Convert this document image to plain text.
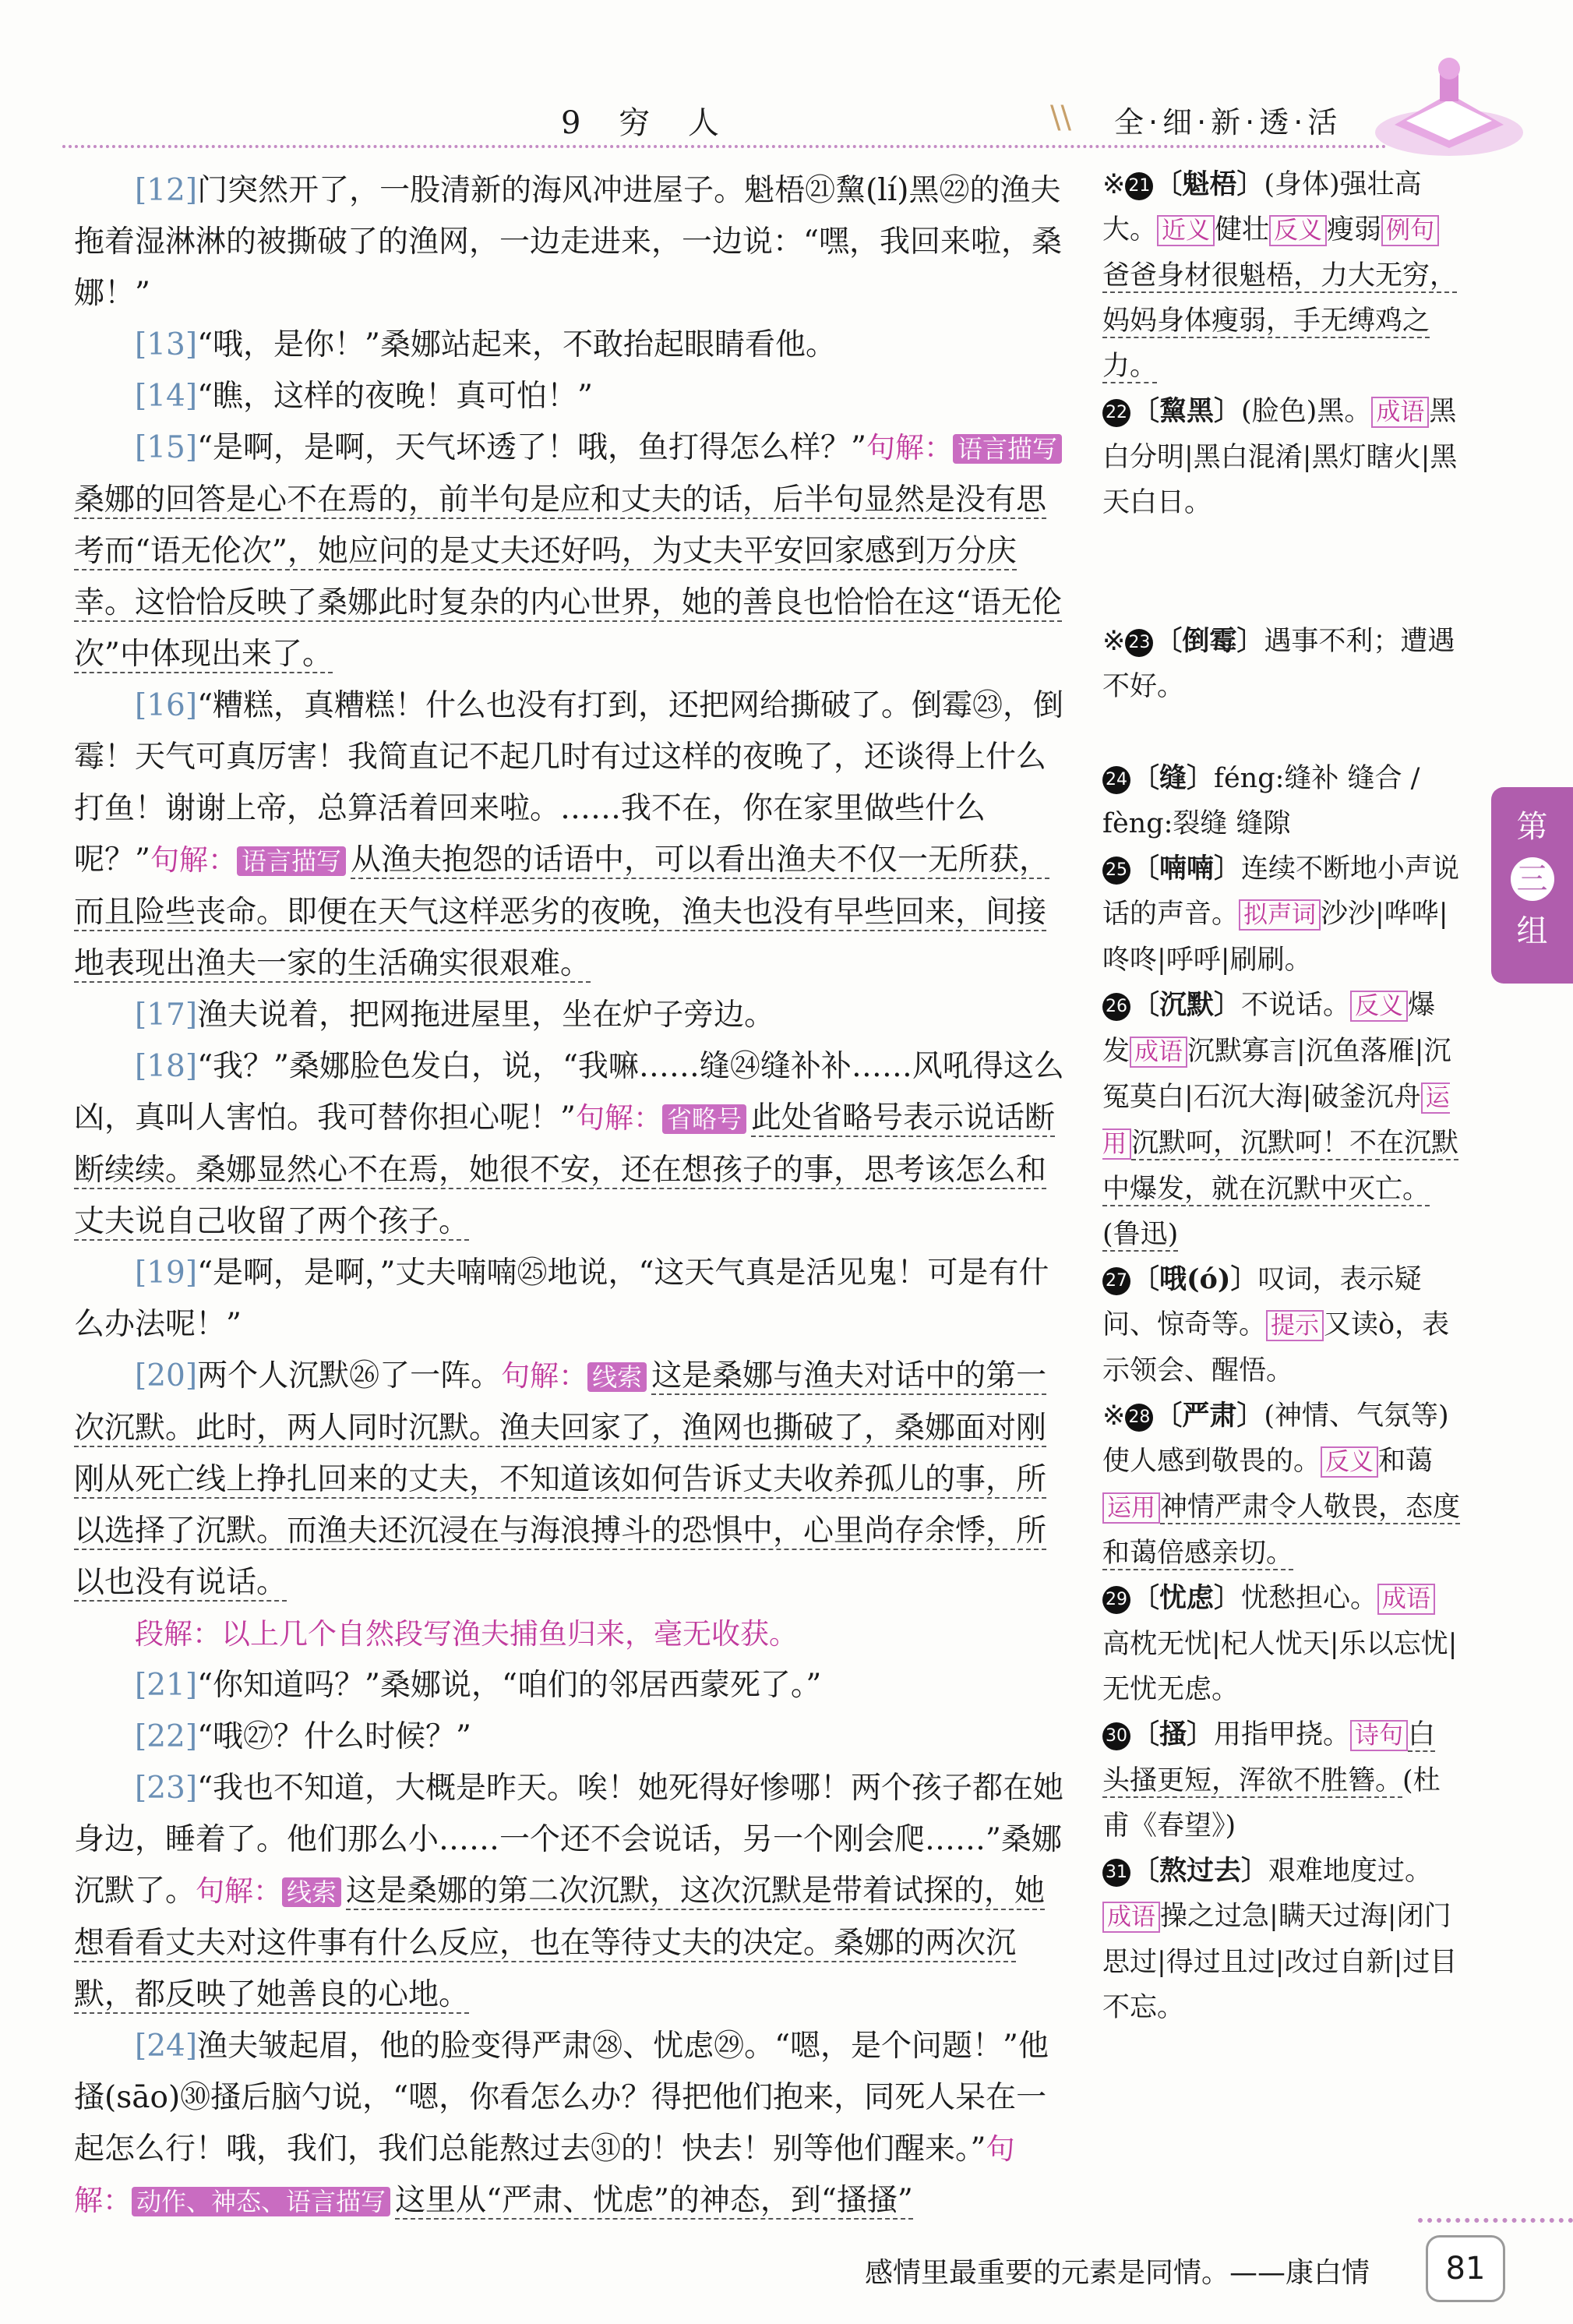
9 穷 人	\\ 全·细·新·透·活

[12]门突然开了，一股清新的海风冲进屋子。魁梧㉑黧(lí)黑㉒的渔夫拖着湿淋淋的被撕破了的渔网，一边走进来，一边说：“嘿，我回来啦，桑娜！”

[13]“哦，是你！”桑娜站起来，不敢抬起眼睛看他。

[14]“瞧，这样的夜晚！真可怕！”

[15]“是啊，是啊，天气坏透了！哦，鱼打得怎么样？”句解： 语言描写桑娜的回答是心不在焉的，前半句是应和丈夫的话，后半句显然是没有思考而“语无伦次”，她应问的是丈夫还好吗，为丈夫平安回家感到万分庆幸。这恰恰反映了桑娜此时复杂的内心世界，她的善良也恰恰在这“语无伦次”中体现出来了。

[16]“糟糕，真糟糕！什么也没有打到，还把网给撕破了。倒霉㉓，倒霉！天气可真厉害！我简直记不起几时有过这样的夜晚了，还谈得上什么打鱼！谢谢上帝，总算活着回来啦。……我不在，你在家里做些什么呢？”句解： 语言描写 从渔夫抱怨的话语中，可以看出渔夫不仅一无所获，而且险些丧命。即便在天气这样恶劣的夜晚，渔夫也没有早些回来，间接地表现出渔夫一家的生活确实很艰难。

[17]渔夫说着，把网拖进屋里，坐在炉子旁边。

[18]“我？”桑娜脸色发白，说，“我嘛……缝㉔缝补补……风吼得这么凶，真叫人害怕。我可替你担心呢！”句解： 省略号 此处省略号表示说话断断续续。桑娜显然心不在焉，她很不安，还在想孩子的事，思考该怎么和丈夫说自己收留了两个孩子。

[19]“是啊，是啊，”丈夫喃喃㉕地说，“这天气真是活见鬼！可是有什么办法呢！”

[20]两个人沉默㉖了一阵。句解： 线索 这是桑娜与渔夫对话中的第一次沉默。此时，两人同时沉默。渔夫回家了，渔网也撕破了，桑娜面对刚刚从死亡线上挣扎回来的丈夫，不知道该如何告诉丈夫收养孤儿的事，所以选择了沉默。而渔夫还沉浸在与海浪搏斗的恐惧中，心里尚存余悸，所以也没有说话。

段解：以上几个自然段写渔夫捕鱼归来，毫无收获。

[21]“你知道吗？”桑娜说，“咱们的邻居西蒙死了。”

[22]“哦㉗？什么时候？”

[23]“我也不知道，大概是昨天。唉！她死得好惨哪！两个孩子都在她身边，睡着了。他们那么小……一个还不会说话，另一个刚会爬……”桑娜沉默了。句解： 线索 这是桑娜的第二次沉默，这次沉默是带着试探的，她想看看丈夫对这件事有什么反应，也在等待丈夫的决定。桑娜的两次沉默，都反映了她善良的心地。

[24]渔夫皱起眉，他的脸变得严肃㉘、忧虑㉙。“嗯，是个问题！”他搔(sāo)㉚搔后脑勺说，“嗯，你看怎么办？得把他们抱来，同死人呆在一起怎么行！哦，我们，我们总能熬过去㉛的！快去！别等他们醒来。”句解： 动作、神态、语言描写 这里从“严肃、忧虑”的神态，到“搔搔”

※ 21 〔魁梧〕(身体)强壮高大。 近义 健壮 反义 瘦弱 例句爸爸身材很魁梧，力大无穷，妈妈身体瘦弱，手无缚鸡之力。

22 〔黧黑〕(脸色)黑。 成语 黑白分明|黑白混淆|黑灯瞎火|黑天白日。

※ 23 〔倒霉〕遇事不利；遭遇不好。

24 〔缝〕féng:缝补 缝合 / fèng:裂缝 缝隙

25 〔喃喃〕连续不断地小声说话的声音。 拟声词 沙沙|哗哗|咚咚|呼呼|刷刷。

26 〔沉默〕不说话。 反义 爆发 成语 沉默寡言|沉鱼落雁|沉冤莫白|石沉大海|破釜沉舟 运用 沉默呵，沉默呵！不在沉默中爆发，就在沉默中灭亡。(鲁迅)

27 〔哦(ó)〕叹词，表示疑问、惊奇等。 提示 又读ò，表示领会、醒悟。

※ 28 〔严肃〕(神情、气氛等)使人感到敬畏的。 反义 和蔼运用 神情严肃令人敬畏，态度和蔼倍感亲切。

29 〔忧虑〕忧愁担心。 成语高枕无忧|杞人忧天|乐以忘忧|无忧无虑。

30 〔搔〕用指甲挠。 诗句 白头搔更短，浑欲不胜簪。(杜甫《春望》)

31 〔熬过去〕艰难地度过。成语 操之过急|瞒天过海|闭门思过|得过且过|改过自新|过目不忘。

第
三
组
感情里最重要的元素是同情。——康白情	81
